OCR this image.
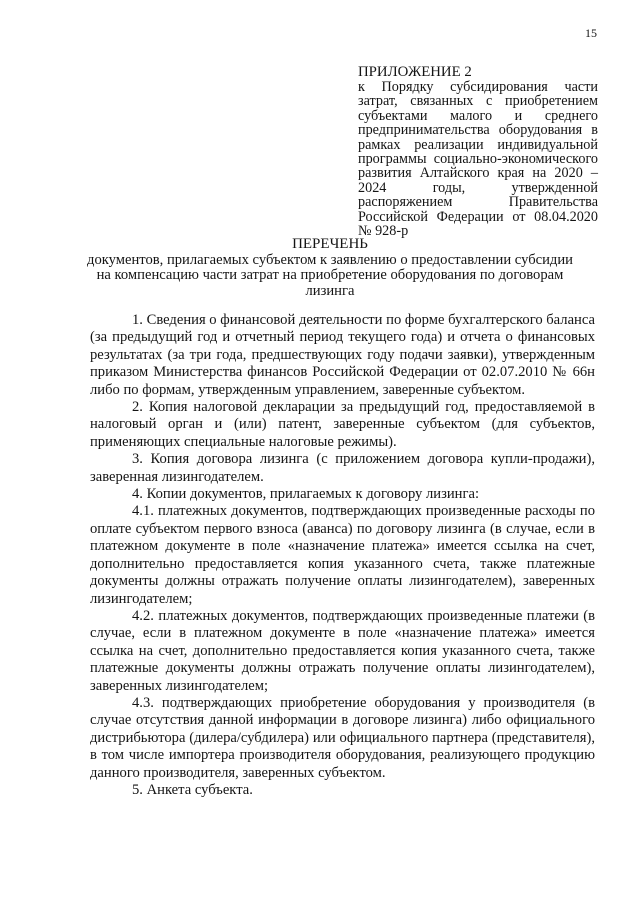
15
ПРИЛОЖЕНИЕ 2
к Порядку субсидирования части затрат, связанных с приобретением субъектами малого и среднего предпринимательства оборудования в рамках реализации индивидуальной программы социально-экономического развития Алтайского края на 2020 – 2024 годы, утвержденной распоряжением Правительства Российской Федерации от 08.04.2020 № 928-р
ПЕРЕЧЕНЬ
документов, прилагаемых субъектом к заявлению о предоставлении субсидии на компенсацию части затрат на приобретение оборудования по договорам лизинга

1. Сведения о финансовой деятельности по форме бухгалтерского баланса (за предыдущий год и отчетный период текущего года) и отчета о финансовых результатах (за три года, предшествующих году подачи заявки), утвержденным приказом Министерства финансов Российской Федерации от 02.07.2010 № 66н либо по формам, утвержденным управлением, заверенные субъектом.

2. Копия налоговой декларации за предыдущий год, предоставляемой в налоговый орган и (или) патент, заверенные субъектом (для субъектов, применяющих специальные налоговые режимы).

3. Копия договора лизинга (с приложением договора купли-продажи), заверенная лизингодателем.

4. Копии документов, прилагаемых к договору лизинга:

4.1. платежных документов, подтверждающих произведенные расходы по оплате субъектом первого взноса (аванса) по договору лизинга (в случае, если в платежном документе в поле «назначение платежа» имеется ссылка на счет, дополнительно предоставляется копия указанного счета, также платежные документы должны отражать получение оплаты лизингодателем), заверенных лизингодателем;

4.2. платежных документов, подтверждающих произведенные платежи (в случае, если в платежном документе в поле «назначение платежа» имеется ссылка на счет, дополнительно предоставляется копия указанного счета, также платежные документы должны отражать получение оплаты лизингодателем), заверенных лизингодателем;

4.3. подтверждающих приобретение оборудования у производителя (в случае отсутствия данной информации в договоре лизинга) либо официального дистрибьютора (дилера/субдилера) или официального партнера (представителя), в том числе импортера производителя оборудования, реализующего продукцию данного производителя, заверенных субъектом.

5. Анкета субъекта.
